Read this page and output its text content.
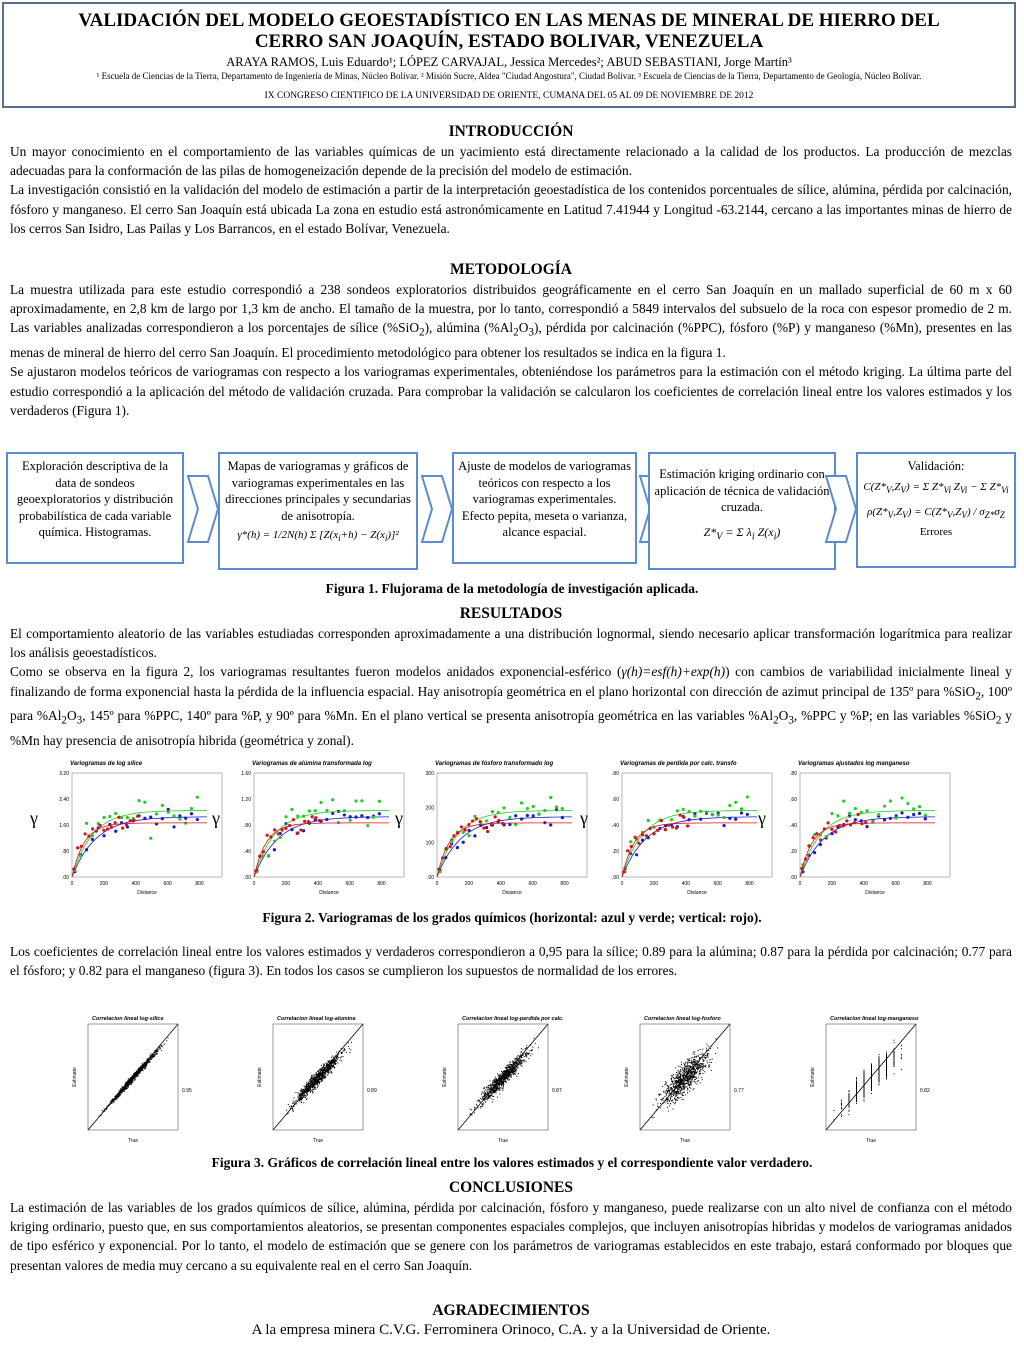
VALIDACIÓN DEL MODELO GEOESTADÍSTICO EN LAS MENAS DE MINERAL DE HIERRO DEL
CERRO SAN JOAQUÍN, ESTADO BOLIVAR, VENEZUELA
ARAYA RAMOS, Luis Eduardo¹; LÓPEZ CARVAJAL, Jessica Mercedes²; ABUD SEBASTIANI, Jorge Martín³
¹ Escuela de Ciencias de la Tierra, Departamento de Ingeniería de Minas, Núcleo Bolívar. ² Misión Sucre, Aldea "Ciudad Angostura", Ciudad Bolívar. ³ Escuela de Ciencias de la Tierra, Departamento de Geología, Núcleo Bolívar.
IX CONGRESO CIENTIFICO DE LA UNIVERSIDAD DE ORIENTE, CUMANA DEL 05 AL 09 DE NOVIEMBRE DE 2012
INTRODUCCIÓN

Un mayor conocimiento en el comportamiento de las variables químicas de un yacimiento está directamente relacionado a la calidad de los productos. La producción de mezclas adecuadas para la conformación de las pilas de homogeneización depende de la precisión del modelo de estimación.

La investigación consistió en la validación del modelo de estimación a partir de la interpretación geoestadística de los contenidos porcentuales de sílice, alúmina, pérdida por calcinación, fósforo y manganeso. El cerro San Joaquín está ubicada La zona en estudio está astronómicamente en Latitud 7.41944 y Longitud -63.2144, cercano a las importantes minas de hierro de los cerros San Isidro, Las Pailas y Los Barrancos, en el estado Bolívar, Venezuela.

METODOLOGÍA

La muestra utilizada para este estudio correspondió a 238 sondeos exploratorios distribuidos geográficamente en el cerro San Joaquín en un mallado superficial de 60 m x 60 aproximadamente, en 2,8 km de largo por 1,3 km de ancho. El tamaño de la muestra, por lo tanto, correspondió a 5849 intervalos del subsuelo de la roca con espesor promedio de 2 m. Las variables analizadas correspondieron a los porcentajes de sílice (%SiO$_2$), alúmina $(\%Al_2O_3)$, pérdida por calcinación (%PPC), fósforo (%P) y manganeso (%Mn), presentes en las menas de mineral de hierro del cerro San Joaquín. El procedimiento metodológico para obtener los resultados se indica en la figura 1.

Se ajustaron modelos teóricos de variogramas con respecto a los variogramas experimentales, obteniéndose los parámetros para la estimación con el método kriging. La última parte del estudio correspondió a la aplicación del método de validación cruzada. Para comprobar la validación se calcularon los coeficientes de correlación lineal entre los valores estimados y los verdaderos (Figura 1).

Exploración descriptiva de la data de sondeos geoexploratorios y distribución probabilística de cada variable química. Histogramas.
Mapas de variogramas y gráficos de variogramas experimentales en las direcciones principales y secundarias de anisotropía.
γ*(h) = 1/2N(h) Σ $[Z(x_i+h) - Z(x_i)]^2$
Ajuste de modelos de variogramas teóricos con respecto a los variogramas experimentales. Efecto pepita, meseta o varianza, alcance espacial.
Estimación kriging ordinario con aplicación de técnica de validación cruzada.
$Z*_V = \Sigma$ $\lambda_i$ $Z(x_i)$
Validación:
$C(Z*_V,Z_V) = \Sigma$ $Z*_{Vi}$ $Z_{Vi} - \Sigma$ $Z*_{Vi}$
$\rho(Z*_V,Z_V) = C(Z*_V,Z_V) / \sigma_{Z*}\sigma_Z$
Errores
Figura 1. Flujorama de la metodología de investigación aplicada.
RESULTADOS

El comportamiento aleatorio de las variables estudiadas corresponden aproximadamente a una distribución lognormal, siendo necesario aplicar transformación logarítmica para realizar los análisis geoestadísticos.

Como se observa en la figura 2, los variogramas resultantes fueron modelos anidados exponencial-esférico (γ(h)=esf(h)+exp(h)) con cambios de variabilidad inicialmente lineal y finalizando de forma exponencial hasta la pérdida de la influencia espacial. Hay anisotropía geométrica en el plano horizontal con dirección de azimut principal de 135º para %SiO$_2$, 100º para $\%Al_2O_3$, 145º para %PPC, 140º para %P, y 90º para %Mn. En el plano vertical se presenta anisotropía geométrica en las variables $\%Al_2O_3$, %PPC y %P; en las variables %SiO$_2$ y %Mn hay presencia de anisotropía hibrida (geométrica y zonal).

γ
Variogramas de log sílice
.00
.80
1.60
2.40
3.20
0	200	400	600	800
Distance
γ
Variogramas de alúmina transformada log
.00
.40
.80
1.20
1.60
0	200	400	600	800
Distance
γ
Variogramas de fósforo transformado log
.00
100
200
300
0	200	400	600	800
Distance
γ
Variogramas de perdida por calc. transfo
.00
.20
.40
.60
.80
0	200	400	600	800
Distance
γ
Variogramas ajustados log manganeso
.00
.20
.40
.60
.80
0	200	400	600	800
Distance
Figura 2. Variogramas de los grados químicos (horizontal: azul y verde; vertical: rojo).

Los coeficientes de correlación lineal entre los valores estimados y verdaderos correspondieron a 0,95 para la sílice; 0.89 para la alúmina; 0.87 para la pérdida por calcinación; 0.77 para el fósforo; y 0.82 para el manganeso (figura 3). En todos los casos se cumplieron los supuestos de normalidad de los errores.

Correlacion lineal log-silice
True
Estimate
0.95
Correlacion lineal log-alumina
True
Estimate
0.89
Correlacion lineal log-perdida por calc.
True
Estimate
0.87
Correlacion lineal log-fosforo
True
Estimate
0.77
Correlacion lineal log-manganeso
True
Estimate
0.82
Figura 3. Gráficos de correlación lineal entre los valores estimados y el correspondiente valor verdadero.
CONCLUSIONES

La estimación de las variables de los grados químicos de sílice, alúmina, pérdida por calcinación, fósforo y manganeso, puede realizarse con un alto nivel de confianza con el método kriging ordinario, puesto que, en sus comportamientos aleatorios, se presentan componentes espaciales complejos, que incluyen anisotropías hibridas y modelos de variogramas anidados de tipo esférico y exponencial. Por lo tanto, el modelo de estimación que se genere con los parámetros de variogramas establecidos en este trabajo, estará conformado por bloques que presentan valores de media muy cercano a su equivalente real en el cerro San Joaquín.

AGRADECIMIENTOS
A la empresa minera C.V.G. Ferrominera Orinoco, C.A. y a la Universidad de Oriente.
